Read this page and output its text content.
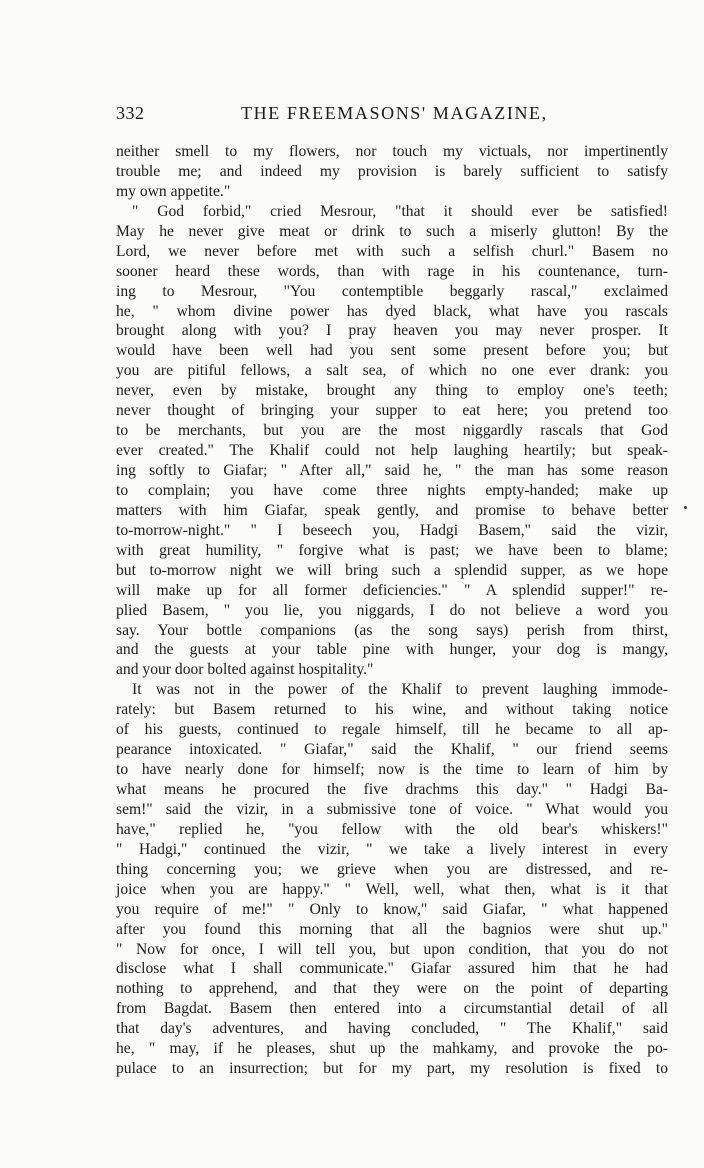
332	THE FREEMASONS' MAGAZINE,
neither smell to my flowers, nor touch my victuals, nor impertinently
trouble me; and indeed my provision is barely sufficient to satisfy
my own appetite."
" God forbid," cried Mesrour, "that it should ever be satisfied!
May he never give meat or drink to such a miserly glutton! By the
Lord, we never before met with such a selfish churl." Basem no
sooner heard these words, than with rage in his countenance, turn-
ing to Mesrour, "You contemptible beggarly rascal," exclaimed
he, " whom divine power has dyed black, what have you rascals
brought along with you? I pray heaven you may never prosper. It
would have been well had you sent some present before you; but
you are pitiful fellows, a salt sea, of which no one ever drank: you
never, even by mistake, brought any thing to employ one's teeth;
never thought of bringing your supper to eat here; you pretend too
to be merchants, but you are the most niggardly rascals that God
ever created." The Khalif could not help laughing heartily; but speak-
ing softly to Giafar; " After all," said he, " the man has some reason
to complain; you have come three nights empty-handed; make up
matters with him Giafar, speak gently, and promise to behave better
to-morrow-night." " I beseech you, Hadgi Basem," said the vizir,
with great humility, " forgive what is past; we have been to blame;
but to-morrow night we will bring such a splendid supper, as we hope
will make up for all former deficiencies." " A splendid supper!" re-
plied Basem, " you lie, you niggards, I do not believe a word you
say. Your bottle companions (as the song says) perish from thirst,
and the guests at your table pine with hunger, your dog is mangy,
and your door bolted against hospitality."
It was not in the power of the Khalif to prevent laughing immode-
rately: but Basem returned to his wine, and without taking notice
of his guests, continued to regale himself, till he became to all ap-
pearance intoxicated. " Giafar," said the Khalif, " our friend seems
to have nearly done for himself; now is the time to learn of him by
what means he procured the five drachms this day." " Hadgi Ba-
sem!" said the vizir, in a submissive tone of voice. " What would you
have," replied he, "you fellow with the old bear's whiskers!"
" Hadgi," continued the vizir, " we take a lively interest in every
thing concerning you; we grieve when you are distressed, and re-
joice when you are happy." " Well, well, what then, what is it that
you require of me!" " Only to know," said Giafar, " what happened
after you found this morning that all the bagnios were shut up."
" Now for once, I will tell you, but upon condition, that you do not
disclose what I shall communicate." Giafar assured him that he had
nothing to apprehend, and that they were on the point of departing
from Bagdat. Basem then entered into a circumstantial detail of all
that day's adventures, and having concluded, " The Khalif," said
he, " may, if he pleases, shut up the mahkamy, and provoke the po-
pulace to an insurrection; but for my part, my resolution is fixed to
